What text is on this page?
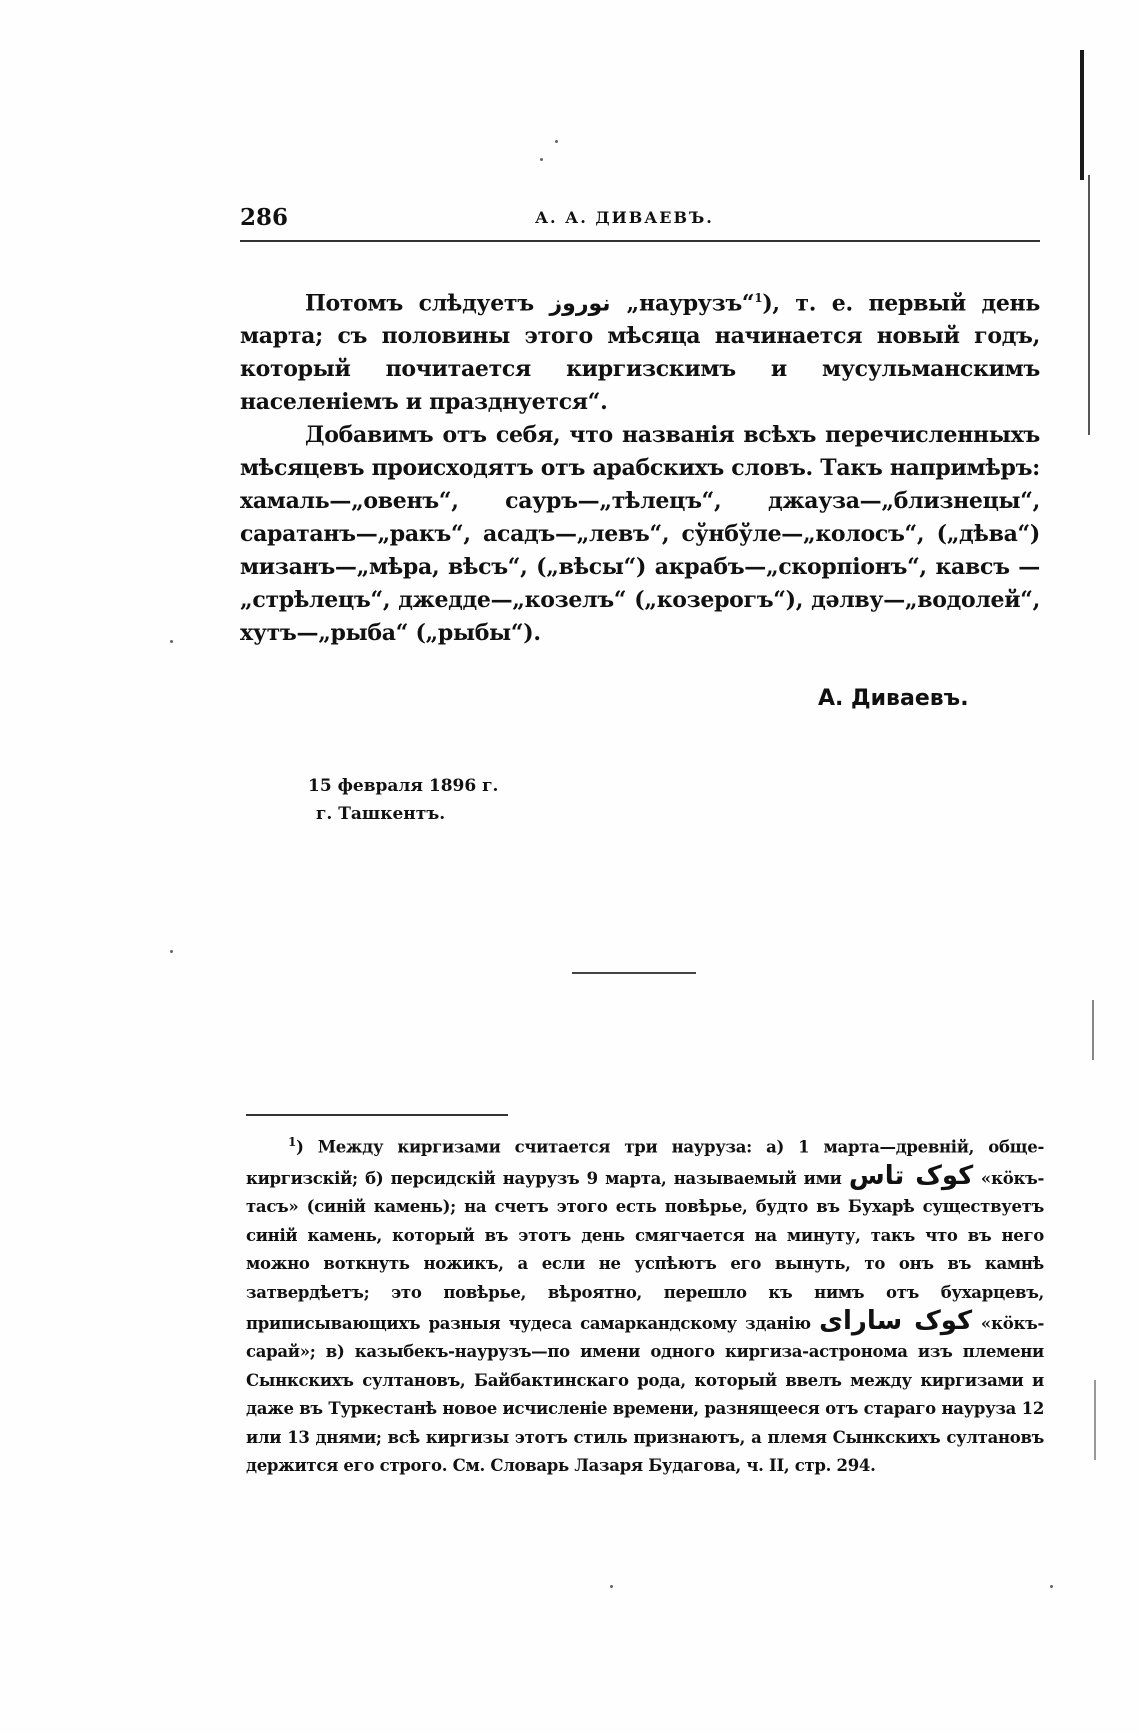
286	А. А. ДИВАЕВЪ.

Потомъ слѣдуетъ نوروز „наурузъ“$^1$), т. е. первый день марта; съ половины этого мѣсяца начинается новый годъ, который почитается киргизскимъ и мусульманскимъ населеніемъ и празднуется“.

Добавимъ отъ себя, что названія всѣхъ перечисленныхъ мѣсяцевъ происходятъ отъ арабскихъ словъ. Такъ напримѣръ: хамаль—„овенъ“, сауръ—„тѣлецъ“, джауза—„близнецы“, саратанъ—„ракъ“, асадъ—„левъ“, сўнбўле—„колосъ“, („дѣва“) мизанъ—„мѣра, вѣсъ“, („вѣсы“) акрабъ—„скорпіонъ“, кавсъ —„стрѣлецъ“, джедде—„козелъ“ („козерогъ“), дәлву—„водолей“, хутъ—„рыба“ („рыбы“).

А. Диваевъ.
15 февраля 1896 г.
г. Ташкентъ.
$^1$) Между киргизами считается три науруза: а) 1 марта—древній, обще-киргизскій; б) персидскій наурузъ 9 марта, называемый ими کوک تاس «кӧкъ-тасъ» (синій камень); на счетъ этого есть повѣрье, будто въ Бухарѣ существуетъ синій камень, который въ этотъ день смягчается на минуту, такъ что въ него можно воткнуть ножикъ, а если не успѣютъ его вынуть, то онъ въ камнѣ затвердѣетъ; это повѣрье, вѣроятно, перешло къ нимъ отъ бухарцевъ, приписывающихъ разныя чудеса самаркандскому зданію کوک سارای «кӧкъ-сарай»; в) казыбекъ-наурузъ—по имени одного киргиза-астронома изъ племени Сынкскихъ султановъ, Байбактинскаго рода, который ввелъ между киргизами и даже въ Туркестанѣ новое исчисленіе времени, разнящееся отъ стараго науруза 12 или 13 днями; всѣ киргизы этотъ стиль признаютъ, а племя Сынкскихъ султановъ держится его строго. См. Словарь Лазаря Будагова, ч. II, стр. 294.
